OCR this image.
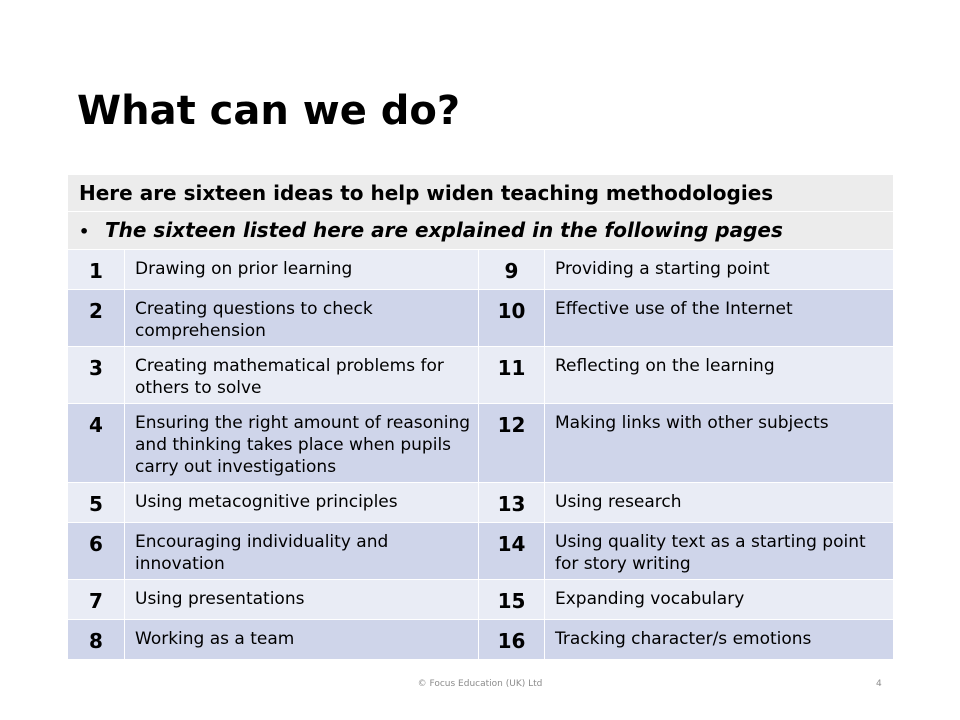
What can we do?
Here are sixteen ideas to help widen teaching methodologies			
• The sixteen listed here are explained in the following pages			
1	Drawing on prior learning	9	Providing a starting point
2	Creating questions to check comprehension	10	Effective use of the Internet
3	Creating mathematical problems for others to solve	11	Reflecting on the learning
4	Ensuring the right amount of reasoning and thinking takes place when pupils carry out investigations	12	Making links with other subjects
5	Using metacognitive principles	13	Using research
6	Encouraging individuality and innovation	14	Using quality text as a starting point for story writing
7	Using presentations	15	Expanding vocabulary
8	Working as a team	16	Tracking character/s emotions
© Focus Education (UK) Ltd	4
